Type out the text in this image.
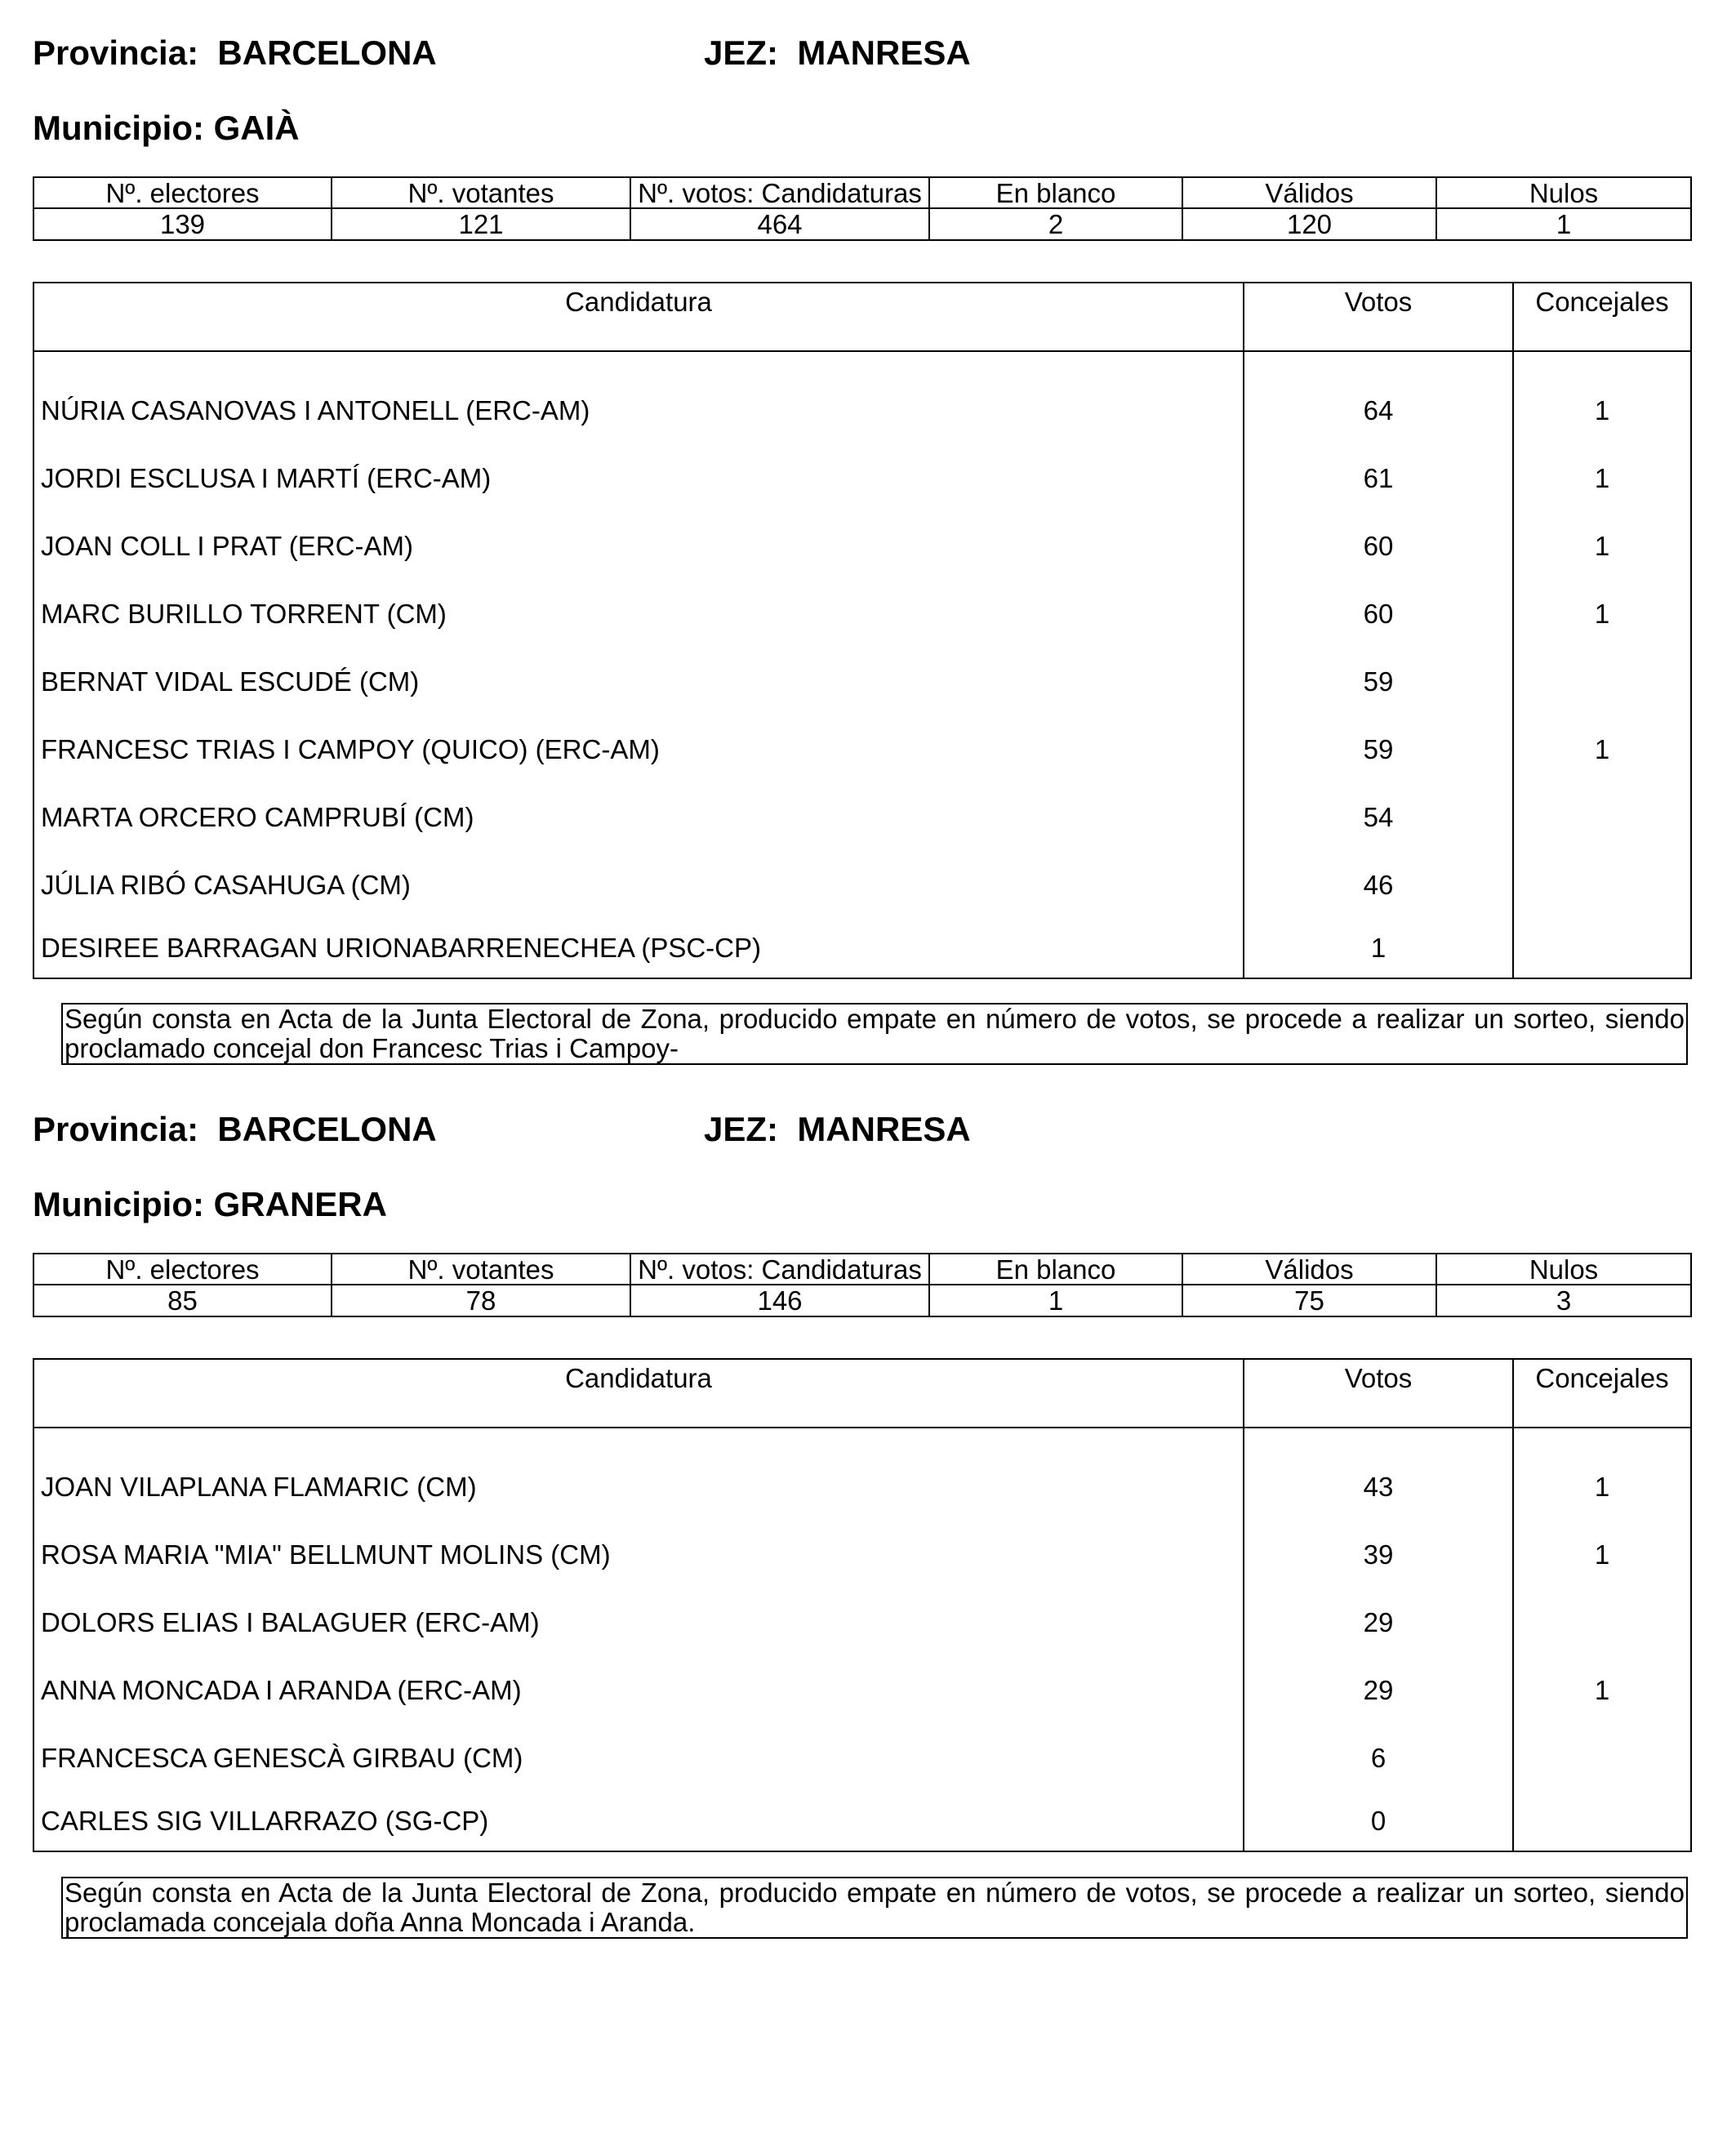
Provincia:  BARCELONA	JEZ:  MANRESA
Municipio: GAIÀ
Nº. electores	Nº. votantes	Nº. votos: Candidaturas	En blanco	Válidos	Nulos
139	121	464	2	120	1
Candidatura	Votos	Concejales

NÚRIA CASANOVAS I ANTONELL (ERC-AM)	64	1
JORDI ESCLUSA I MARTÍ (ERC-AM)	61	1
JOAN COLL I PRAT (ERC-AM)	60	1
MARC BURILLO TORRENT (CM)	60	1
BERNAT VIDAL ESCUDÉ (CM)	59	
FRANCESC TRIAS I CAMPOY (QUICO) (ERC-AM)	59	1
MARTA ORCERO CAMPRUBÍ (CM)	54	
JÚLIA RIBÓ CASAHUGA (CM)	46	
DESIREE BARRAGAN URIONABARRENECHEA (PSC-CP)	1	
Según consta en Acta de la Junta Electoral de Zona, producido empate en número de votos, se procede a realizar un sorteo, siendo proclamado concejal don Francesc Trias i Campoy-
Provincia:  BARCELONA	JEZ:  MANRESA
Municipio: GRANERA
Nº. electores	Nº. votantes	Nº. votos: Candidaturas	En blanco	Válidos	Nulos
85	78	146	1	75	3
Candidatura	Votos	Concejales

JOAN VILAPLANA FLAMARIC (CM)	43	1
ROSA MARIA "MIA" BELLMUNT MOLINS (CM)	39	1
DOLORS ELIAS I BALAGUER (ERC-AM)	29	
ANNA MONCADA I ARANDA (ERC-AM)	29	1
FRANCESCA GENESCÀ GIRBAU (CM)	6	
CARLES SIG VILLARRAZO (SG-CP)	0	
Según consta en Acta de la Junta Electoral de Zona, producido empate en número de votos, se procede a realizar un sorteo, siendo proclamada concejala doña Anna Moncada i Aranda.
